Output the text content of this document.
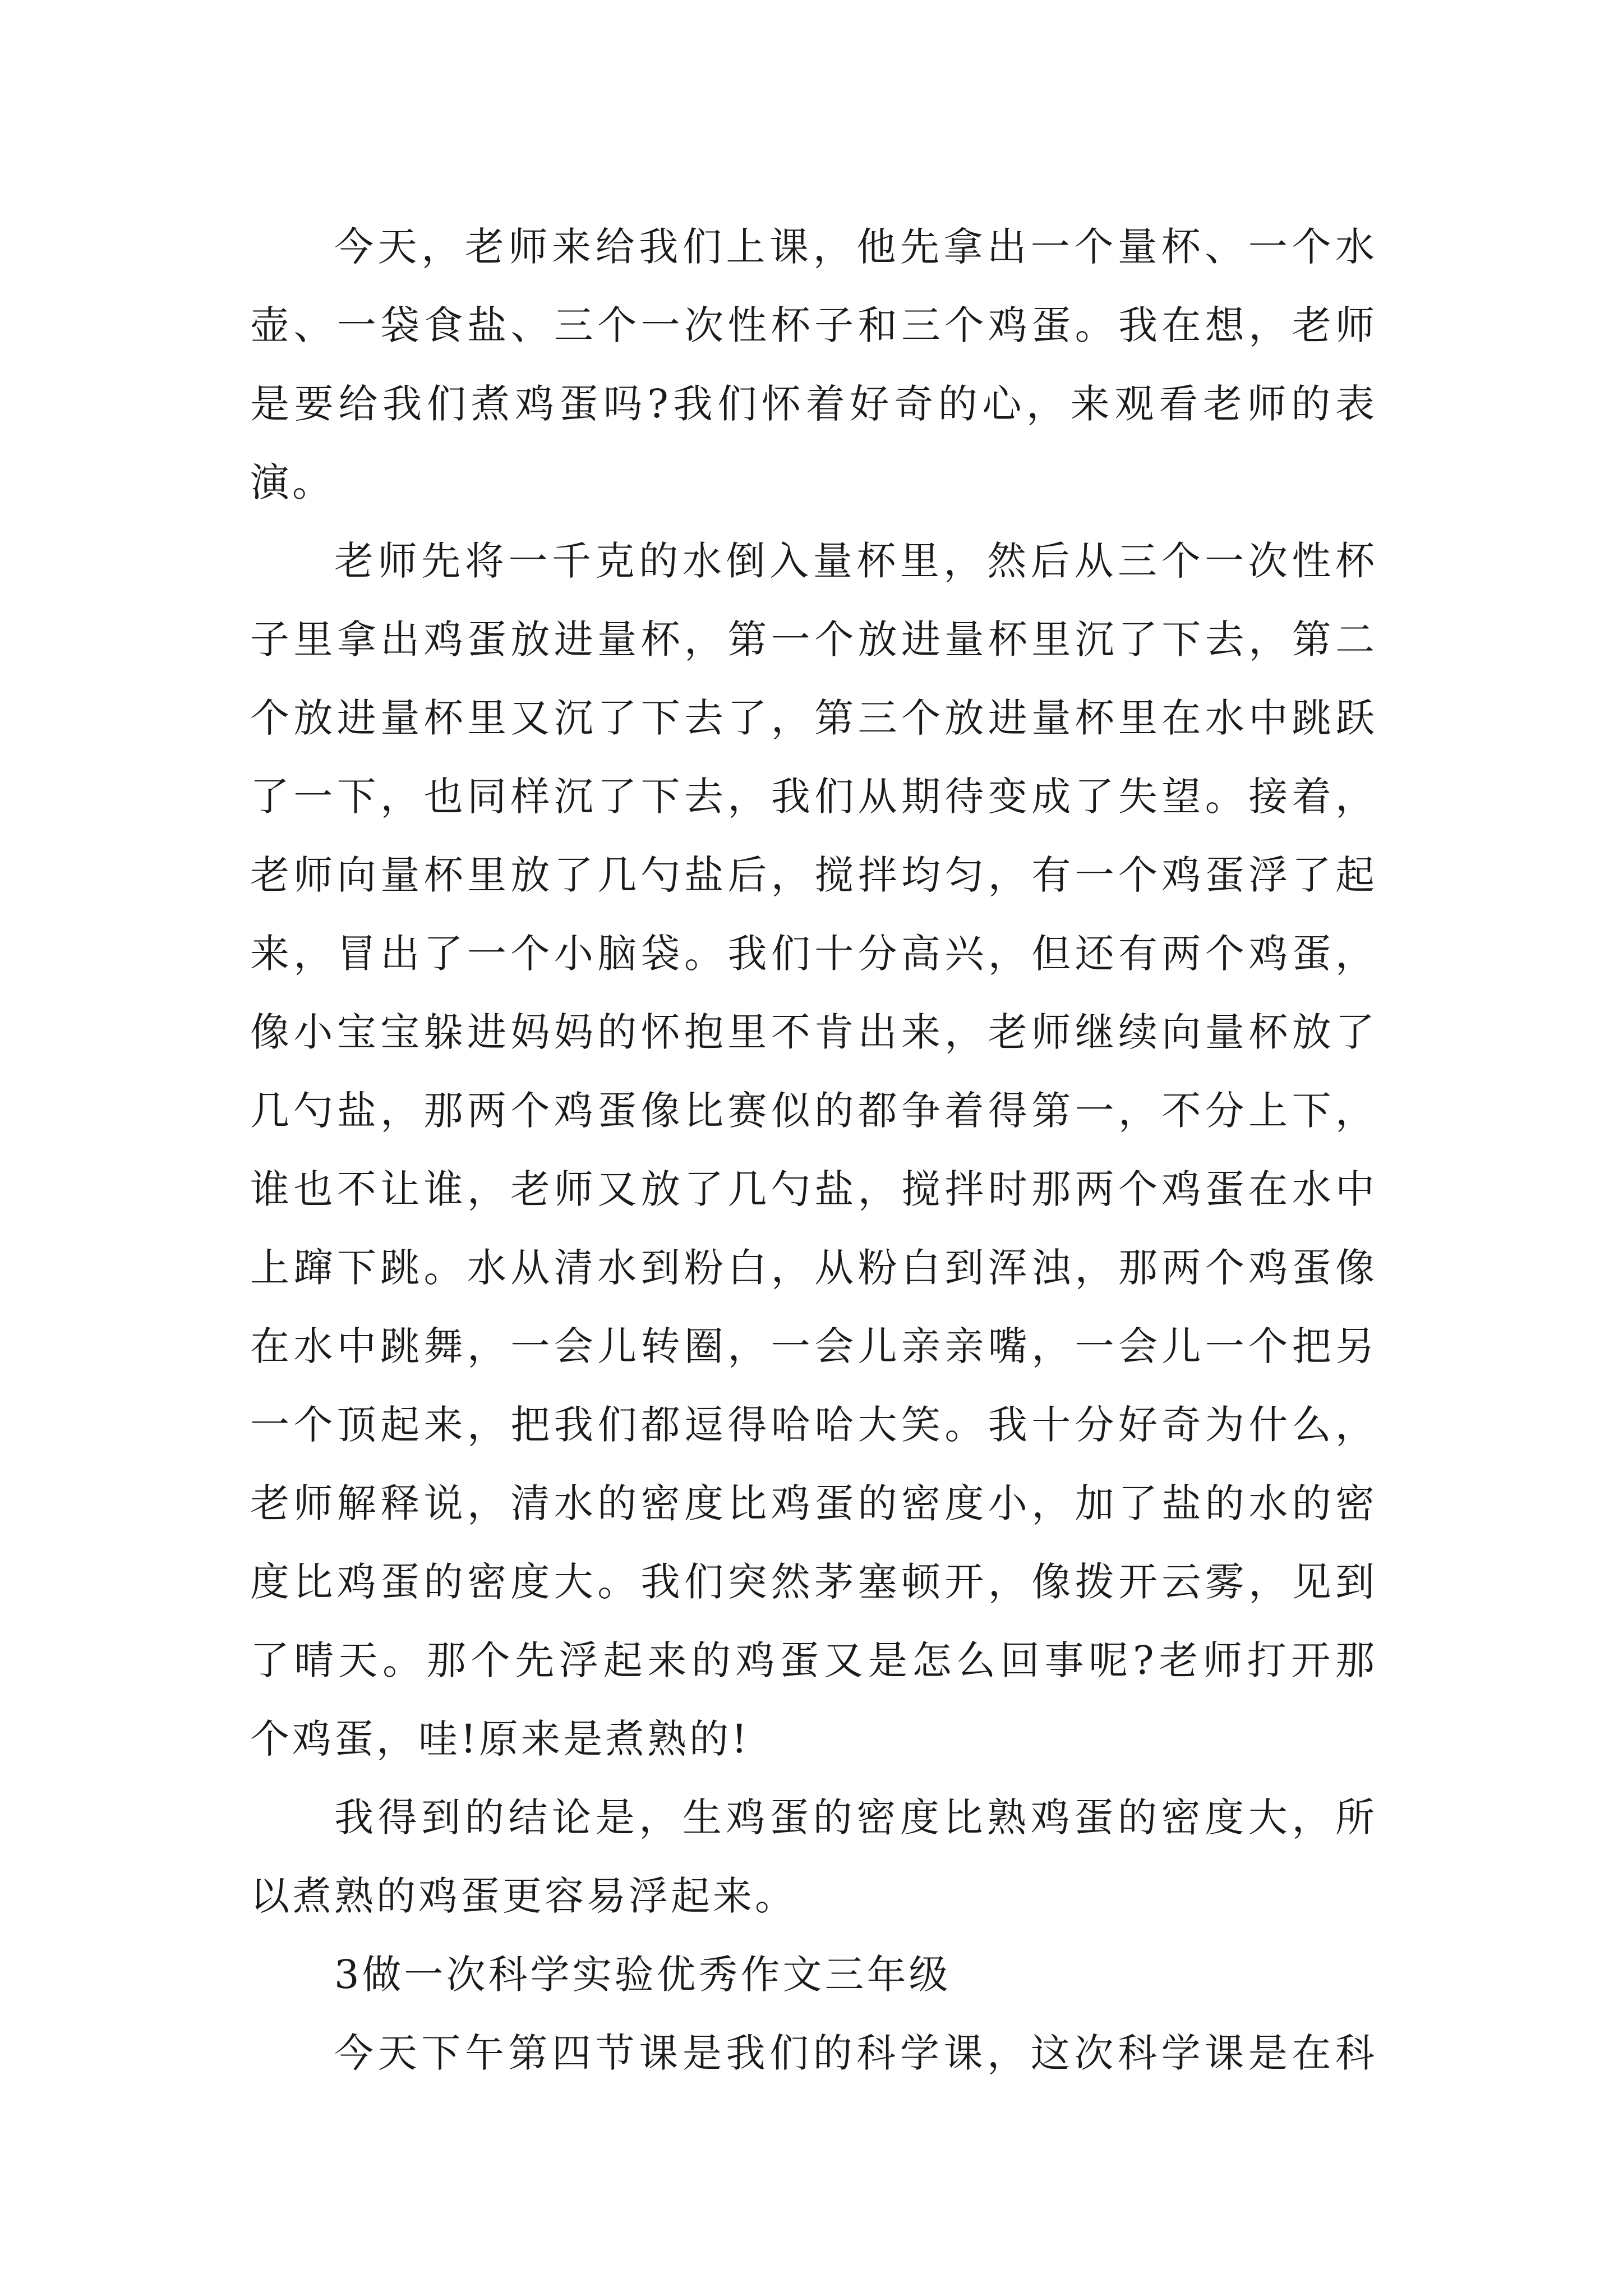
今天，老师来给我们上课，他先拿出一个量杯、一个水
壶、一袋食盐、三个一次性杯子和三个鸡蛋。我在想，老师
是要给我们煮鸡蛋吗?我们怀着好奇的心，来观看老师的表
演。
老师先将一千克的水倒入量杯里，然后从三个一次性杯
子里拿出鸡蛋放进量杯，第一个放进量杯里沉了下去，第二
个放进量杯里又沉了下去了，第三个放进量杯里在水中跳跃
了一下，也同样沉了下去，我们从期待变成了失望。接着，
老师向量杯里放了几勺盐后，搅拌均匀，有一个鸡蛋浮了起
来，冒出了一个小脑袋。我们十分高兴，但还有两个鸡蛋，
像小宝宝躲进妈妈的怀抱里不肯出来，老师继续向量杯放了
几勺盐，那两个鸡蛋像比赛似的都争着得第一，不分上下，
谁也不让谁，老师又放了几勺盐，搅拌时那两个鸡蛋在水中
上蹿下跳。水从清水到粉白，从粉白到浑浊，那两个鸡蛋像
在水中跳舞，一会儿转圈，一会儿亲亲嘴，一会儿一个把另
一个顶起来，把我们都逗得哈哈大笑。我十分好奇为什么，
老师解释说，清水的密度比鸡蛋的密度小，加了盐的水的密
度比鸡蛋的密度大。我们突然茅塞顿开，像拨开云雾，见到
了晴天。那个先浮起来的鸡蛋又是怎么回事呢?老师打开那
个鸡蛋，哇!原来是煮熟的!
我得到的结论是，生鸡蛋的密度比熟鸡蛋的密度大，所
以煮熟的鸡蛋更容易浮起来。
3做一次科学实验优秀作文三年级
今天下午第四节课是我们的科学课，这次科学课是在科
